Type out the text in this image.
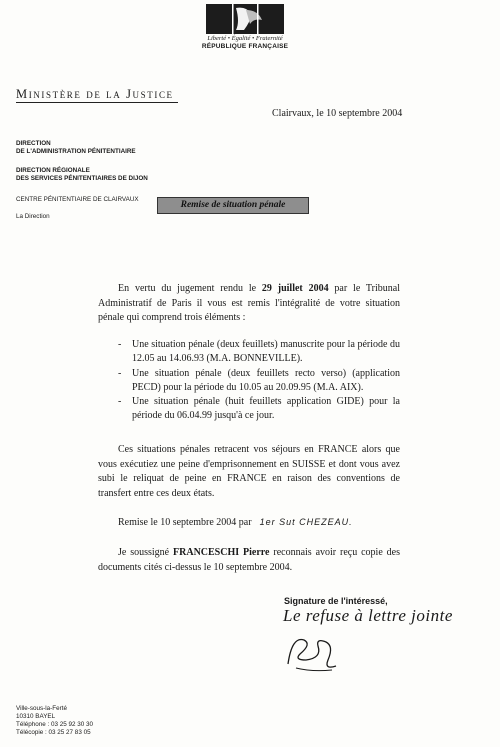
Liberté • Égalité • Fraternité
RÉPUBLIQUE FRANÇAISE
Ministère de la Justice
Clairvaux, le 10 septembre 2004
DIRECTION
DE L'ADMINISTRATION PÉNITENTIAIRE
DIRECTION RÉGIONALE
DES SERVICES PÉNITENTIAIRES DE DIJON
CENTRE PÉNITENTIAIRE DE CLAIRVAUX
La Direction
Remise de situation pénale
En vertu du jugement rendu le 29 juillet 2004 par le Tribunal Administratif de Paris il vous est remis l'intégralité de votre situation pénale qui comprend trois éléments :
- Une situation pénale (deux feuillets) manuscrite pour la période du 12.05 au 14.06.93 (M.A. BONNEVILLE).
- Une situation pénale (deux feuillets recto verso) (application PECD) pour la période du 10.05 au 20.09.95 (M.A. AIX).
- Une situation pénale (huit feuillets application GIDE) pour la période du 06.04.99 jusqu'à ce jour.
Ces situations pénales retracent vos séjours en FRANCE alors que vous exécutiez une peine d'emprisonnement en SUISSE et dont vous avez subi le reliquat de peine en FRANCE en raison des conventions de transfert entre ces deux états.
Remise le 10 septembre 2004 par 1er Sut CHEZEAU.
Je soussigné FRANCESCHI Pierre reconnais avoir reçu copie des documents cités ci-dessus le 10 septembre 2004.
Signature de l'intéressé,
Le refuse à lettre jointe
Ville-sous-la-Ferté
10310 BAYEL
Téléphone : 03 25 92 30 30
Télécopie : 03 25 27 83 05
